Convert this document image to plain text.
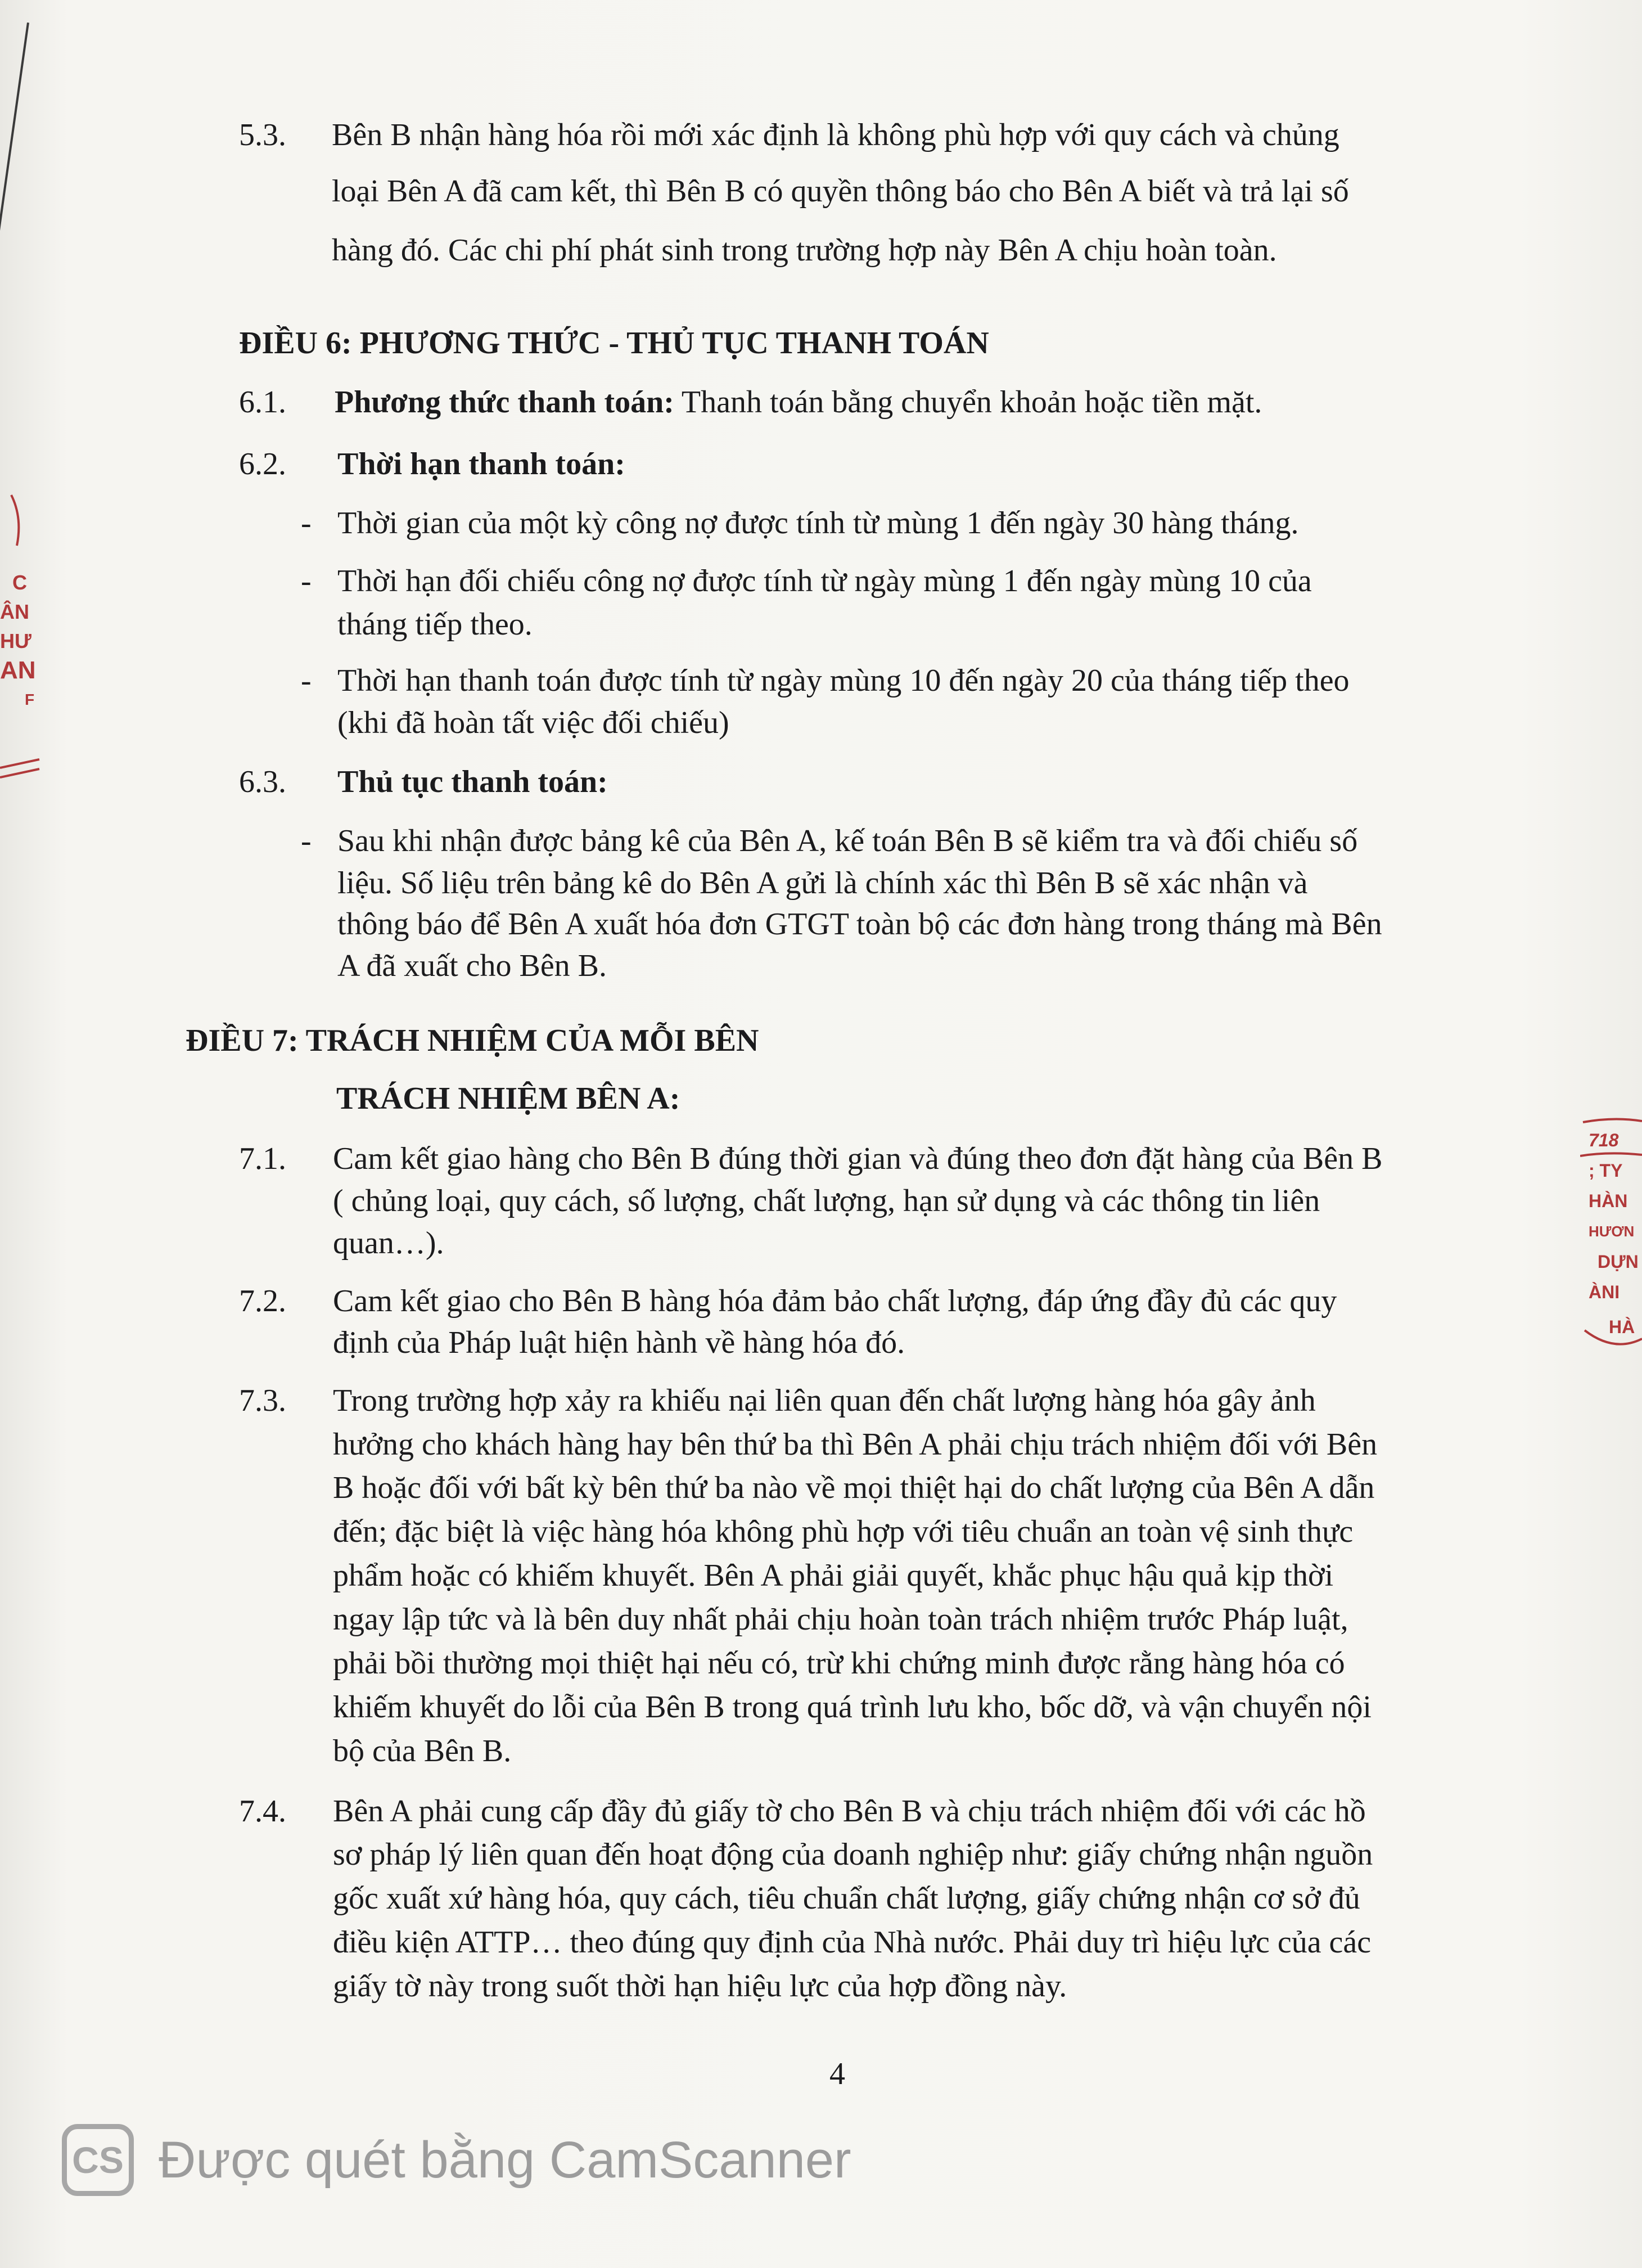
5.3. Bên B nhận hàng hóa rồi mới xác định là không phù hợp với quy cách và chủng
loại Bên A đã cam kết, thì Bên B có quyền thông báo cho Bên A biết và trả lại số
hàng đó. Các chi phí phát sinh trong trường hợp này Bên A chịu hoàn toàn.
ĐIỀU 6: PHƯƠNG THỨC - THỦ TỤC THANH TOÁN
6.1. Phương thức thanh toán: Thanh toán bằng chuyển khoản hoặc tiền mặt.
6.2. Thời hạn thanh toán:
- Thời gian của một kỳ công nợ được tính từ mùng 1 đến ngày 30 hàng tháng.
- Thời hạn đối chiếu công nợ được tính từ ngày mùng 1 đến ngày mùng 10 của
tháng tiếp theo.
- Thời hạn thanh toán được tính từ ngày mùng 10 đến ngày 20 của tháng tiếp theo
(khi đã hoàn tất việc đối chiếu)
6.3. Thủ tục thanh toán:
- Sau khi nhận được bảng kê của Bên A, kế toán Bên B sẽ kiểm tra và đối chiếu số
liệu. Số liệu trên bảng kê do Bên A gửi là chính xác thì Bên B sẽ xác nhận và
thông báo để Bên A xuất hóa đơn GTGT toàn bộ các đơn hàng trong tháng mà Bên
A đã xuất cho Bên B.
ĐIỀU 7: TRÁCH NHIỆM CỦA MỖI BÊN
TRÁCH NHIỆM BÊN A:
7.1. Cam kết giao hàng cho Bên B đúng thời gian và đúng theo đơn đặt hàng của Bên B
( chủng loại, quy cách, số lượng, chất lượng, hạn sử dụng và các thông tin liên
quan…).
7.2. Cam kết giao cho Bên B hàng hóa đảm bảo chất lượng, đáp ứng đầy đủ các quy
định của Pháp luật hiện hành về hàng hóa đó.
7.3. Trong trường hợp xảy ra khiếu nại liên quan đến chất lượng hàng hóa gây ảnh
hưởng cho khách hàng hay bên thứ ba thì Bên A phải chịu trách nhiệm đối với Bên
B hoặc đối với bất kỳ bên thứ ba nào về mọi thiệt hại do chất lượng của Bên A dẫn
đến; đặc biệt là việc hàng hóa không phù hợp với tiêu chuẩn an toàn vệ sinh thực
phẩm hoặc có khiếm khuyết. Bên A phải giải quyết, khắc phục hậu quả kịp thời
ngay lập tức và là bên duy nhất phải chịu hoàn toàn trách nhiệm trước Pháp luật,
phải bồi thường mọi thiệt hại nếu có, trừ khi chứng minh được rằng hàng hóa có
khiếm khuyết do lỗi của Bên B trong quá trình lưu kho, bốc dỡ, và vận chuyển nội
bộ của Bên B.
7.4. Bên A phải cung cấp đầy đủ giấy tờ cho Bên B và chịu trách nhiệm đối với các hồ
sơ pháp lý liên quan đến hoạt động của doanh nghiệp như: giấy chứng nhận nguồn
gốc xuất xứ hàng hóa, quy cách, tiêu chuẩn chất lượng, giấy chứng nhận cơ sở đủ
điều kiện ATTP… theo đúng quy định của Nhà nước. Phải duy trì hiệu lực của các
giấy tờ này trong suốt thời hạn hiệu lực của hợp đồng này.
4
C
ÂN
HƯ
AN
F
718
; TY
HÀN
HƯƠN
DỰN
ÀNI
HÀ
CS Được quét bằng CamScanner
